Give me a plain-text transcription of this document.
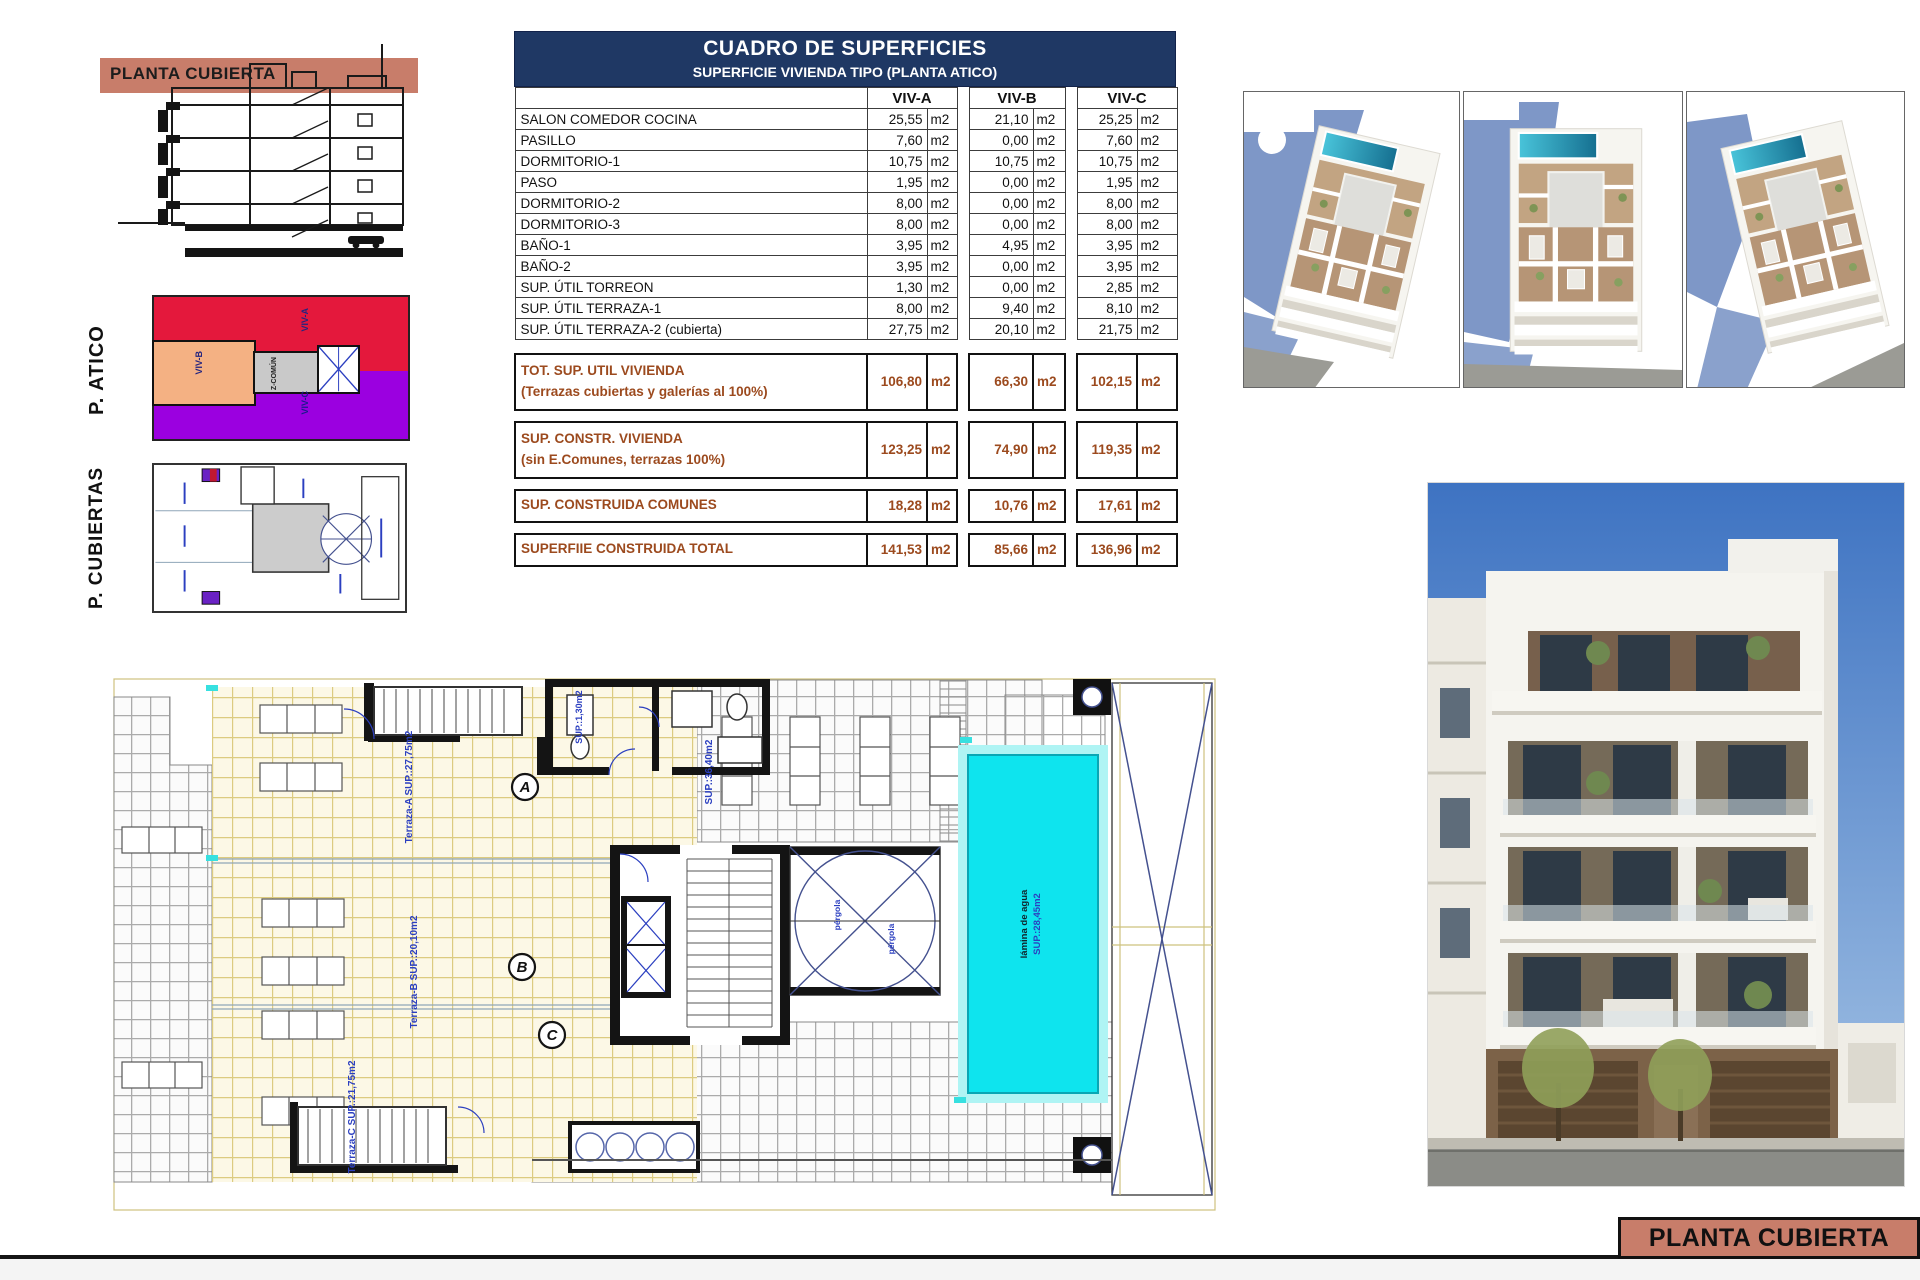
PLANTA CUBIERTA
P. ATICO
VIV-A
VIV-B
VIV-C
Z-COMÚN
P. CUBIERTAS
CUADRO DE SUPERFICIES
SUPERFICIE VIVIENDA TIPO (PLANTA ATICO)
	VIV-A			VIV-B			VIV-C	
SALON COMEDOR COCINA	25,55	m2		21,10	m2		25,25	m2
PASILLO	7,60	m2		0,00	m2		7,60	m2
DORMITORIO-1	10,75	m2		10,75	m2		10,75	m2
PASO	1,95	m2		0,00	m2		1,95	m2
DORMITORIO-2	8,00	m2		0,00	m2		8,00	m2
DORMITORIO-3	8,00	m2		0,00	m2		8,00	m2
BAÑO-1	3,95	m2		4,95	m2		3,95	m2
BAÑO-2	3,95	m2		0,00	m2		3,95	m2
SUP. ÚTIL TORREON	1,30	m2		0,00	m2		2,85	m2
SUP. ÚTIL TERRAZA-1	8,00	m2		9,40	m2		8,10	m2
SUP. ÚTIL TERRAZA-2 (cubierta)	27,75	m2		20,10	m2		21,75	m2

TOT. SUP. UTIL VIVIENDA
(Terrazas cubiertas y galerías al 100%)	106,80	m2		66,30	m2		102,15	m2

SUP. CONSTR. VIVIENDA
(sin E.Comunes, terrazas 100%)	123,25	m2		74,90	m2		119,35	m2

SUP. CONSTRUIDA COMUNES	18,28	m2		10,76	m2		17,61	m2

SUPERFIIE CONSTRUIDA TOTAL	141,53	m2		85,66	m2		136,96	m2
pérgola
pérgola	lámina de agua SUP.:28,45m2
A
B
C
Terraza-A SUP.:27,75m2
Terraza-B SUP.:20,10m2
Terraza-C SUP.:21,75m2
SUP.:36,40m2
SUP.:1,30m2
PLANTA CUBIERTA
